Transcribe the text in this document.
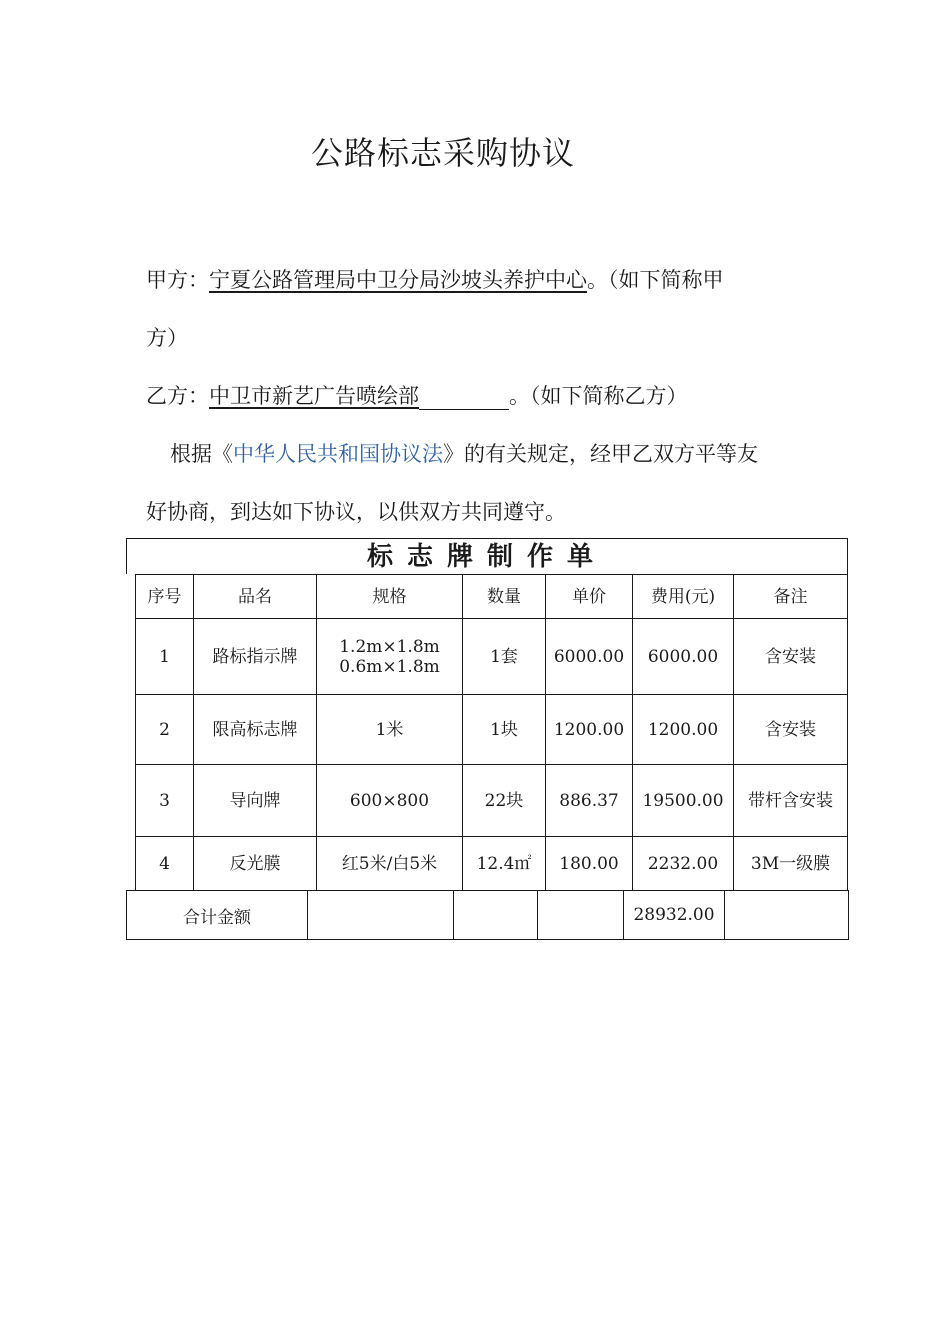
公路标志采购协议
甲方：宁夏公路管理局中卫分局沙坡头养护中心。（如下简称甲
方）
乙方：中卫市新艺广告喷绘部	。（如下简称乙方）
根据《中华人民共和国协议法》的有关规定，经甲乙双方平等友
好协商，到达如下协议，以供双方共同遵守。
标志牌制作单
序号	品名	规格	数量	单价	费用(元)	备注
1	路标指示牌	1.2m×1.8m
0.6m×1.8m	1套	6000.00	6000.00	含安装
2	限高标志牌	1米	1块	1200.00	1200.00	含安装
3	导向牌	600×800	22块	886.37	19500.00	带杆含安装
4	反光膜	红5米/白5米	12.4㎡	180.00	2232.00	3M一级膜
合计金额				28932.00	
